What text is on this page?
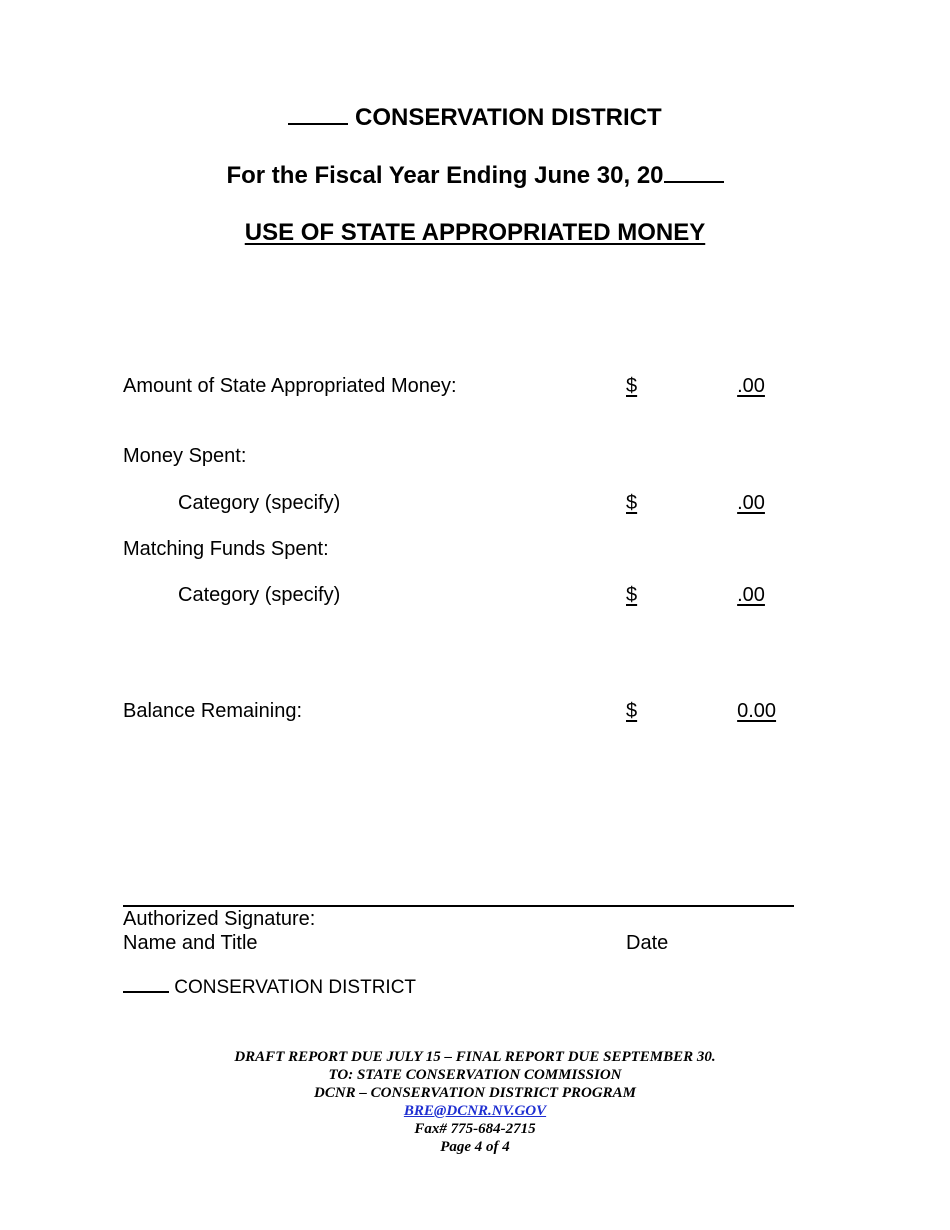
CONSERVATION DISTRICT
For the Fiscal Year Ending June 30, 20
USE OF STATE APPROPRIATED MONEY
Amount of State Appropriated Money:	$	.00
Money Spent:
Category (specify)	$	.00
Matching Funds Spent:
Category (specify)	$	.00
Balance Remaining:	$	0.00
Authorized Signature:
Name and Title	Date
CONSERVATION DISTRICT
DRAFT REPORT DUE JULY 15 – FINAL REPORT DUE SEPTEMBER 30.
TO: STATE CONSERVATION COMMISSION
DCNR – CONSERVATION DISTRICT PROGRAM
BRE@DCNR.NV.GOV
Fax# 775-684-2715
Page 4 of 4
